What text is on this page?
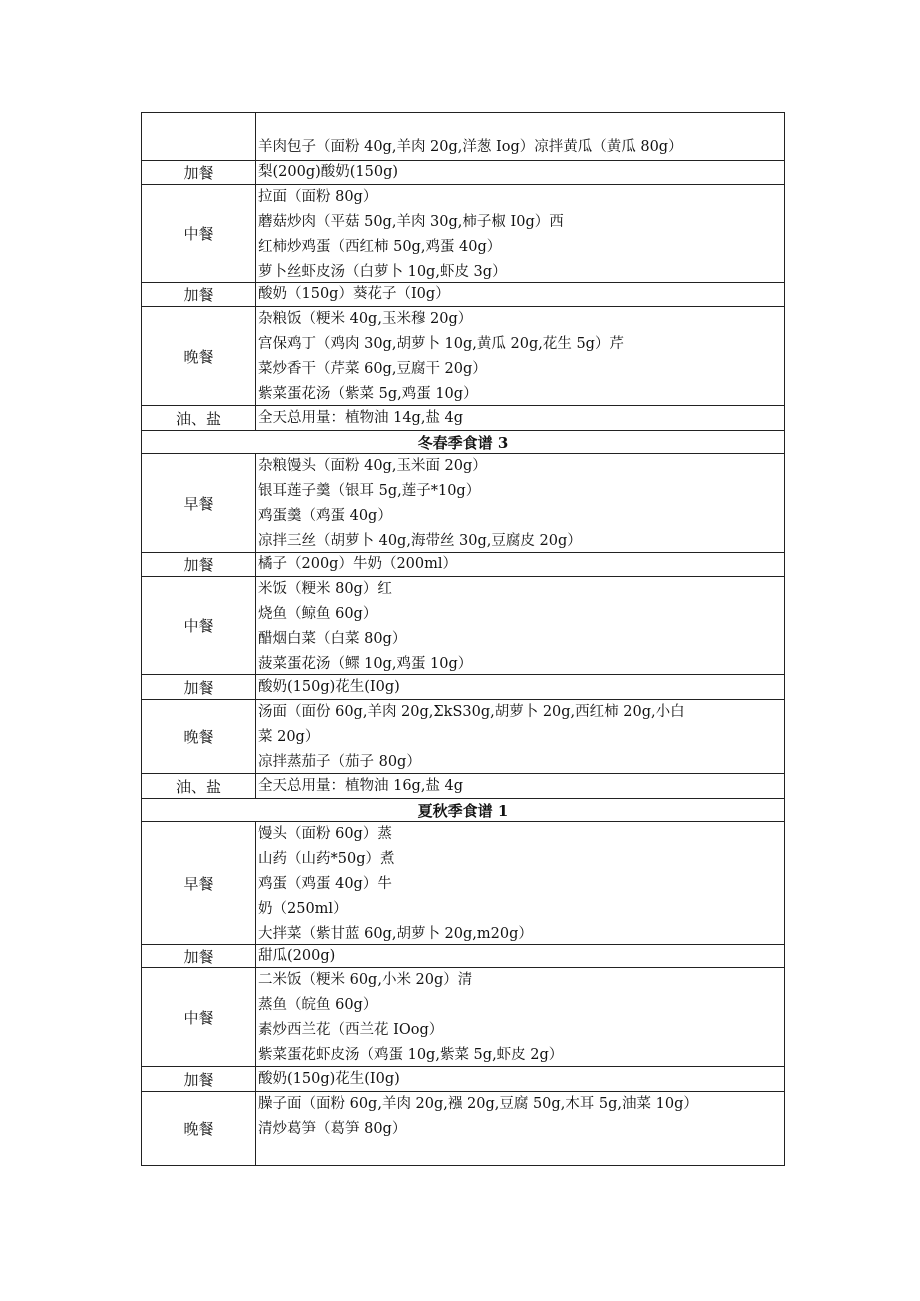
	羊肉包子（面粉 40g,羊肉 20g,洋葱 Iog）凉拌黄瓜（黄瓜 80g）

加餐	梨(200g)酸奶(150g)

中餐	拉面（面粉 80g）
蘑菇炒肉（平菇 50g,羊肉 30g,柿子椒 I0g）西
红柿炒鸡蛋（西红柿 50g,鸡蛋 40g）
萝卜丝虾皮汤（白萝卜 10g,虾皮 3g）

加餐	酸奶（150g）葵花子（I0g）

晚餐	杂粮饭（粳米 40g,玉米穆 20g）
宫保鸡丁（鸡肉 30g,胡萝卜 10g,黄瓜 20g,花生 5g）芹
菜炒香干（芹菜 60g,豆腐干 20g）
紫菜蛋花汤（紫菜 5g,鸡蛋 10g）

油、盐	全天总用量：植物油 14g,盐 4g

冬春季食谱 3	
早餐	杂粮馒头（面粉 40g,玉米面 20g）
银耳莲子羹（银耳 5g,莲子*10g）
鸡蛋羹（鸡蛋 40g）
凉拌三丝（胡萝卜 40g,海带丝 30g,豆腐皮 20g）

加餐	橘子（200g）牛奶（200ml）

中餐	米饭（粳米 80g）红
烧鱼（鲸鱼 60g）
醋烟白菜（白菜 80g）
菠菜蛋花汤（鳏 10g,鸡蛋 10g）

加餐	酸奶(150g)花生(I0g)

晚餐	汤面（面份 60g,羊肉 20g,ΣkS30g,胡萝卜 20g,西红柿 20g,小白
菜 20g）
凉拌蒸茄子（茄子 80g）

油、盐	全天总用量：植物油 16g,盐 4g

夏秋季食谱 1	
早餐	馒头（面粉 60g）蒸
山药（山药*50g）煮
鸡蛋（鸡蛋 40g）牛
奶（250ml）
大拌菜（紫甘蓝 60g,胡萝卜 20g,m20g）

加餐	甜瓜(200g)

中餐	二米饭（粳米 60g,小米 20g）清
蒸鱼（皖鱼 60g）
素炒西兰花（西兰花 IOog）
紫菜蛋花虾皮汤（鸡蛋 10g,紫菜 5g,虾皮 2g）

加餐	酸奶(150g)花生(I0g)

晚餐	臊子面（面粉 60g,羊肉 20g,襁 20g,豆腐 50g,木耳 5g,油菜 10g）
清炒葛笋（葛笋 80g）
